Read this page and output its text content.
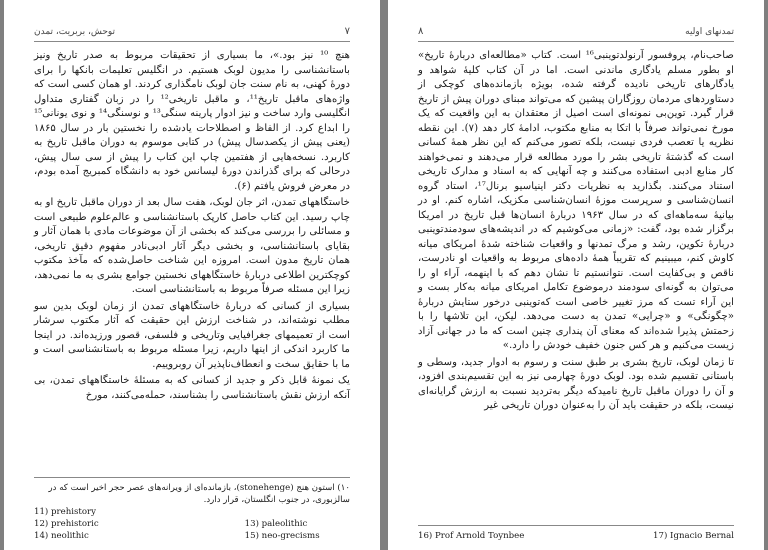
۷
توحش، بربریت، تمدن

هنچ ¹⁰ نیز بود.»، ما بسیاری از تحقیقات مربوط به صدر تاریخ ونیز باستانشناسی را مدیون لوبک هستیم. در انگلیس تعلیمات بانکها را برای دورهٔ کهنی، به نام سنت جان لوبک نامگذاری کردند. او همان کسی است که واژه‌های ماقبل تاریخ¹¹، و ماقبل تاریخی¹² را در زبان گفتاری متداول انگلیسی وارد ساخت و نیز ادوار پارینه سنگی¹³ و نوسنگی¹⁴ و نوی یونانی¹⁵ را ابداع کرد. از الفاظ و اصطلاحات یادشده را نخستین بار در سال ۱۸۶۵ (یعنی پیش از یکصدسال پیش) در کتابی موسوم به دوران ماقبل تاریخ به کاربرد. نسخه‌هایی از هفتمین چاپ این کتاب را پیش از سی سال پیش، درحالی که برای گذراندن دورهٔ لیسانس خود به دانشگاه کمبریج آمده بودم، در معرض فروش یافتم (۶).

خاستگاههای تمدن، اثر جان لوبک، هفت سال بعد از دوران ماقبل تاریخ او به چاپ رسید. این کتاب حاصل کارپک باستانشناسی و عالم‌علوم طبیعی است و مسائلی را بررسی می‌کند که بخشی از آن موضوعات مادی با همان آثار و بقایای باستانشناسی، و بخشی دیگر آثار ادبی‌نادر مفهوم دقیق تاریخی، همان تاریخ مدون است. امروزه این شناخت حاصل‌شده که مآخذ مکتوب کوچکترین اطلاعی دربارهٔ خاستگاههای نخستین جوامع بشری به ما نمی‌دهد، زیرا این مسئله صرفاً مربوط به باستانشناسی است.

بسیاری از کسانی که دربارهٔ خاستگاههای تمدن از زمان لوبک بدین سو مطلب نوشته‌اند، در شناخت ارزش این حقیقت که آثار مکتوب سرشار است از تعمیمهای جغرافیایی وتاریخی و فلسفی، قصور ورزیده‌اند. در اینجا ما کاربرد اندکی از اینها داریم، زیرا مسئله مربوط به باستانشناسی است و ما با حقایق سخت و انعطاف‌ناپذیر آن روبروییم.

یک نمونهٔ قابل ذکر و جدید از کسانی که به مسئلهٔ خاستگاههای تمدن، بی آنکه ارزش نقش باستانشناسی را بشناسند، حمله‌می‌کنند، مورخ

۱۰) استون هنج (stonehenge)، بازمانده‌ای از ویرانه‌های عصر حجر اخیر است که در سالزبوری، در جنوب انگلستان، قرار دارد.
11) prehistory
12) prehistoric	13) paleolithic
14) neolithic	15) neo-grecisms
تمدنهای اولیه
۸

صاحب‌نام، پروفسور آرنولدتوینبی¹⁶ است. کتاب «مطالعه‌ای دربارهٔ تاریخ» او بطور مسلم یادگاری ماندنی است. اما در آن کتاب کلیهٔ شواهد و یادگارهای تاریخی نادیده گرفته شده، بویژه بازمانده‌های کوچکی از دستاوردهای مردمان روزگاران پیشین که می‌تواند مبنای دوران پیش از تاریخ قرار گیرد. توین‌بی نمونه‌ای است اصیل از معتقدان به این واقعیت که یک مورخ نمی‌تواند صرفاً با اتکا به منابع مکتوب، ادامهٔ کار دهد (۷). این نقطه نظریه یا تعصب فردی نیست، بلکه تصور می‌کنم که این نظر همهٔ کسانی است که گذشتهٔ تاریخی بشر را مورد مطالعه قرار می‌دهند و نمی‌خواهند کار منابع ادبی استفاده می‌کنند و چه آنهایی که به اسناد و مدارک تاریخی استناد می‌کنند. بگذارید به نظریات دکتر اینیاسیو برنال¹⁷، استاد گروه انسان‌شناسی و سرپرست موزهٔ انسان‌شناسی مکزیک، اشاره کنم. او در بیانیهٔ سه‌ماهه‌ای که در سال ۱۹۶۳ دربارهٔ انسان‌ها قبل تاریخ در امریکا برگزار شده بود، گفت: «زمانی می‌کوشیم که در اندیشه‌های سودمندتوینبی دربارهٔ تکوین، رشد و مرگ تمدنها و واقعیات شناخته شدهٔ امریکای میانه کاوش کنم، میبینیم که تقریباً همهٔ داده‌های مربوط به واقعیات او نادرست، ناقص و بی‌کفایت است. نتوانستیم تا نشان دهم که با اینهمه، آراء او را می‌توان به گونه‌ای سودمند درموضوع تکامل امریکای میانه به‌کار بست و این آراء تست که مرز تغییر خاصی است که‌توینبی درخور ستایش دربارهٔ «چگونگی» و «چرایی» تمدن به دست می‌دهد. لیکن، این تلاشها را با زحمتش پذیرا شده‌اند که معنای آن پنداری چنین است که ما در جهانی آزاد زیست می‌کنیم و هر کس جنون خفیف خودش را دارد.»

تا زمان لوبک، تاریخ بشری بر طبق سنت و رسوم به ادوار جدید، وسطی و باستانی تقسیم شده بود. لوبک دورهٔ چهارمی نیز به این تقسیم‌بندی افزود، و آن را دوران ماقبل تاریخ نامیدکه دیگر به‌تردید نسبت به ارزش گرایانه‌ای نیست، بلکه در حقیقت باید آن را به‌عنوان دوران تاریخی غیر

16) Prof Arnold Toynbee	17) Ignacio Bernal
